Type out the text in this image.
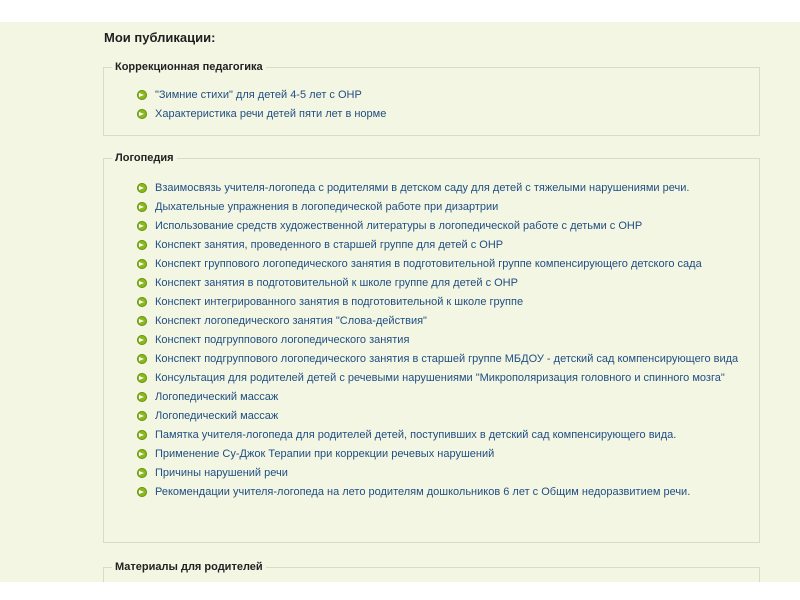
Мои публикации:
Коррекционная педагогика
"Зимние стихи" для детей 4-5 лет с ОНР
Характеристика речи детей пяти лет в норме
Логопедия
Взаимосвязь учителя-логопеда с родителями в детском саду для детей с тяжелыми нарушениями речи.
Дыхательные упражнения в логопедической работе при дизартрии
Использование средств художественной литературы в логопедической работе с детьми с ОНР
Конспект занятия, проведенного в старшей группе для детей с ОНР
Конспект группового логопедического занятия в подготовительной группе компенсирующего детского сада
Конспект занятия в подготовительной к школе группе для детей с ОНР
Конспект интегрированного занятия в подготовительной к школе группе
Конспект логопедического занятия "Слова-действия"
Конспект подгруппового логопедического занятия
Конспект подгруппового логопедического занятия в старшей группе МБДОУ - детский сад компенсирующего вида
Консультация для родителей детей с речевыми нарушениями "Микрополяризация головного и спинного мозга"
Логопедический массаж
Логопедический массаж
Памятка учителя-логопеда для родителей детей, поступивших в детский сад компенсирующего вида.
Применение Су-Джок Терапии при коррекции речевых нарушений
Причины нарушений речи
Рекомендации учителя-логопеда на лето родителям дошкольников 6 лет с Общим недоразвитием речи.
Материалы для родителей
